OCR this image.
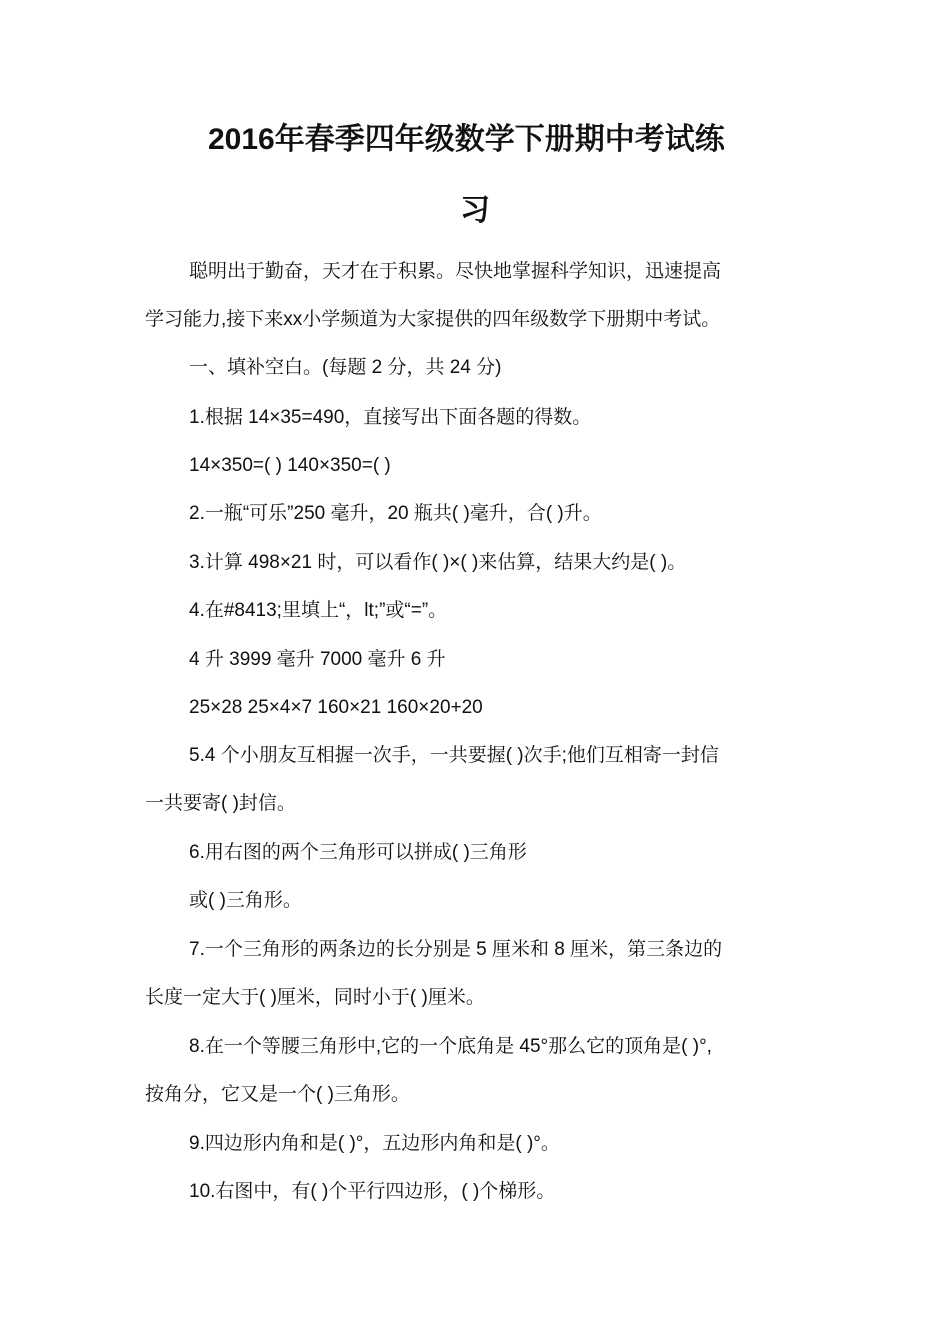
2016年春季四年级数学下册期中考试练
习
聪明出于勤奋，天才在于积累。尽快地掌握科学知识，迅速提高
学习能力,接下来xx小学频道为大家提供的四年级数学下册期中考试。
一、填补空白。(每题 2 分，共 24 分)
1.根据 14×35=490，直接写出下面各题的得数。
14×350=( ) 140×350=( )
2.一瓶“可乐”250 毫升，20 瓶共( )毫升，合( )升。
3.计算 498×21 时，可以看作( )×( )来估算，结果大约是( )。
4.在#8413;里填上“，lt;”或“=”。
4 升 3999 毫升 7000 毫升 6 升
25×28 25×4×7 160×21 160×20+20
5.4 个小朋友互相握一次手，一共要握( )次手;他们互相寄一封信
一共要寄( )封信。
6.用右图的两个三角形可以拼成( )三角形
或( )三角形。
7.一个三角形的两条边的长分别是 5 厘米和 8 厘米，第三条边的
长度一定大于( )厘米，同时小于( )厘米。
8.在一个等腰三角形中,它的一个底角是 45°那么它的顶角是( )°,
按角分，它又是一个( )三角形。
9.四边形内角和是( )°，五边形内角和是( )°。
10.右图中，有( )个平行四边形，( )个梯形。
